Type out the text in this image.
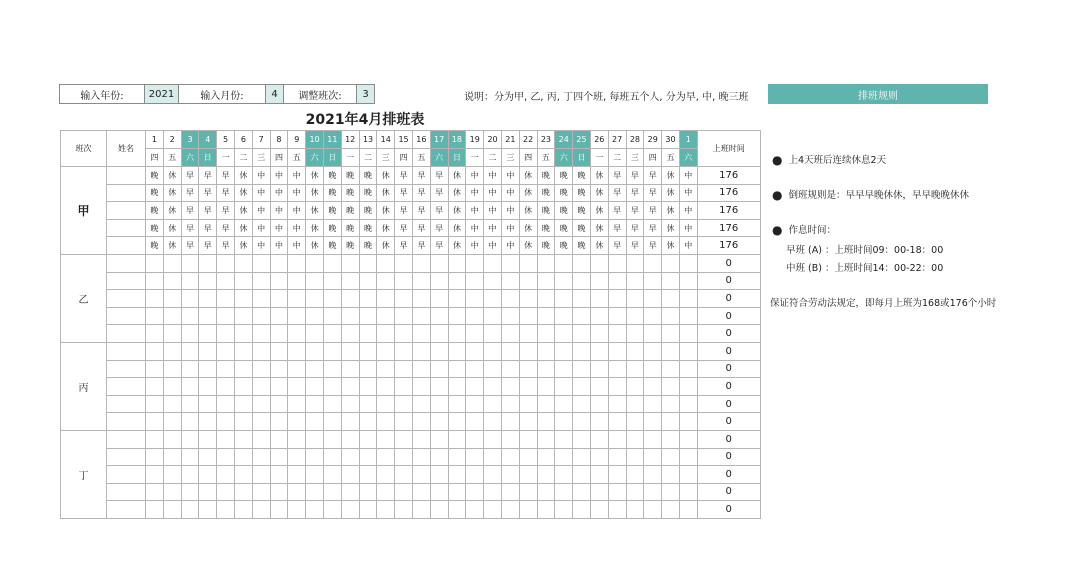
输入年份:	2021	输入月份:	4	调整班次:	3	说明：分为甲, 乙, 丙, 丁四个班, 每班五个人, 分为早, 中, 晚三班	排班规则
2021年4月排班表
班次	姓名	1	2	3	4	5	6	7	8	9	10	11	12	13	14	15	16	17	18	19	20	21	22	23	24	25	26	27	28	29	30	1	上班时间
		四	五	六	日	一	二	三	四	五	六	日	一	二	三	四	五	六	日	一	二	三	四	五	六	日	一	二	三	四	五	六	
甲		晚	休	早	早	早	休	中	中	中	休	晚	晚	晚	休	早	早	早	休	中	中	中	休	晚	晚	晚	休	早	早	早	休	中	176
		晚	休	早	早	早	休	中	中	中	休	晚	晚	晚	休	早	早	早	休	中	中	中	休	晚	晚	晚	休	早	早	早	休	中	176
		晚	休	早	早	早	休	中	中	中	休	晚	晚	晚	休	早	早	早	休	中	中	中	休	晚	晚	晚	休	早	早	早	休	中	176
		晚	休	早	早	早	休	中	中	中	休	晚	晚	晚	休	早	早	早	休	中	中	中	休	晚	晚	晚	休	早	早	早	休	中	176
		晚	休	早	早	早	休	中	中	中	休	晚	晚	晚	休	早	早	早	休	中	中	中	休	晚	晚	晚	休	早	早	早	休	中	176
乙																																	0
																																	0
																																	0
																																	0
																																	0
丙																																	0
																																	0
																																	0
																																	0
																																	0
丁																																	0
																																	0
																																	0
																																	0
																																	0
● 上4天班后连续休息2天
● 倒班规则是：早早早晚休休，早早晚晚休休
● 作息时间：
早班 (A) ：上班时间09：00-18：00
中班 (B) ：上班时间14：00-22：00
保证符合劳动法规定，即每月上班为168或176个小时
